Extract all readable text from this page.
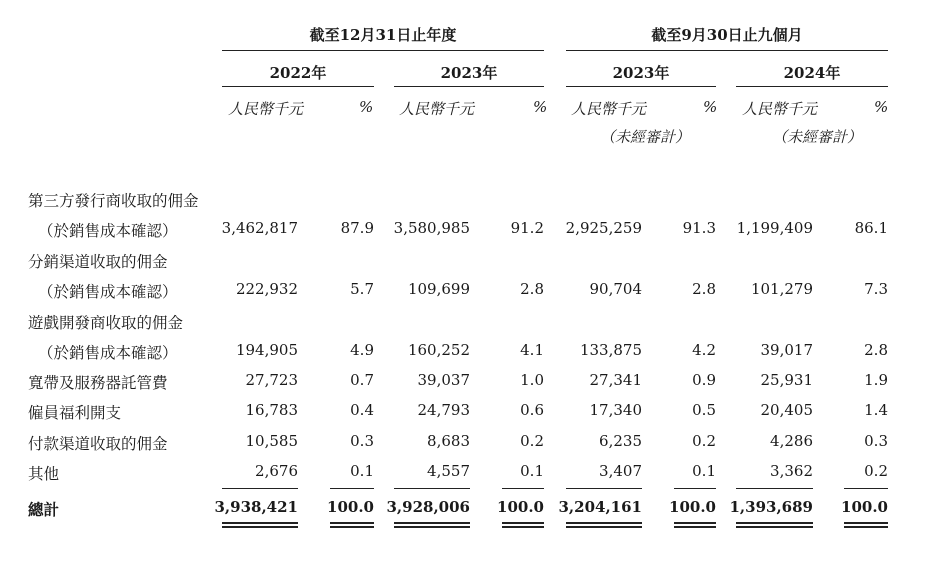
截至12月31日止年度	截至9月30日止九個月
2022年	2023年	2023年	2024年
人民幣千元	% 人民幣千元	% 人民幣千元	% 人民幣千元	%
（未經審計）	（未經審計）
第三方發行商收取的佣金
（於銷售成本確認）	3,462,817	87.9 3,580,985	91.2 2,925,259	91.3 1,199,409	86.1
分銷渠道收取的佣金
（於銷售成本確認）	222,932	5.7 109,699	2.8	90,704	2.8 101,279	7.3
遊戲開發商收取的佣金
（於銷售成本確認）	194,905	4.9 160,252	4.1 133,875	4.2	39,017	2.8
寬帶及服務器託管費	27,723	0.7	39,037	1.0	27,341	0.9	25,931	1.9
僱員福利開支	16,783	0.4	24,793	0.6	17,340	0.5	20,405	1.4
付款渠道收取的佣金	10,585	0.3	8,683	0.2	6,235	0.2	4,286	0.3
其他	2,676	0.1	4,557	0.1	3,407	0.1	3,362	0.2
總計	3,938,421 100.0 3,928,006 100.0 3,204,161 100.0 1,393,689 100.0
